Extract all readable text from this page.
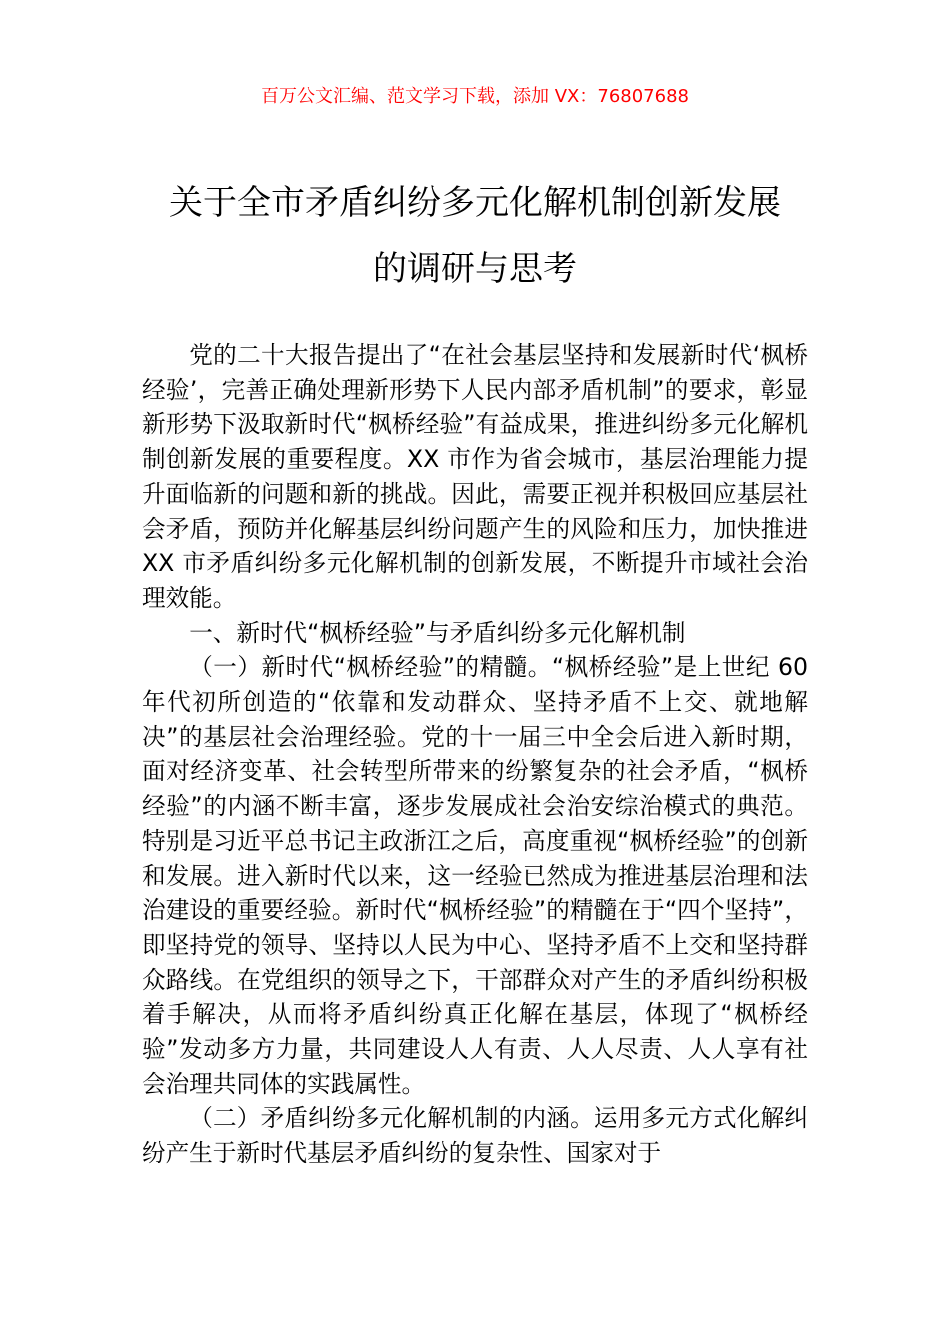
百万公文汇编、范文学习下载，添加 VX：76807688
关于全市矛盾纠纷多元化解机制创新发展
的调研与思考

党的二十大报告提出了“在社会基层坚持和发展新时代‘枫桥经验’，完善正确处理新形势下人民内部矛盾机制”的要求，彰显新形势下汲取新时代“枫桥经验”有益成果，推进纠纷多元化解机制创新发展的重要程度。XX 市作为省会城市，基层治理能力提升面临新的问题和新的挑战。因此，需要正视并积极回应基层社会矛盾，预防并化解基层纠纷问题产生的风险和压力，加快推进 XX 市矛盾纠纷多元化解机制的创新发展，不断提升市域社会治理效能。

一、新时代“枫桥经验”与矛盾纠纷多元化解机制

（一）新时代“枫桥经验”的精髓。“枫桥经验”是上世纪 60 年代初所创造的“依靠和发动群众、坚持矛盾不上交、就地解决”的基层社会治理经验。党的十一届三中全会后进入新时期，面对经济变革、社会转型所带来的纷繁复杂的社会矛盾，“枫桥经验”的内涵不断丰富，逐步发展成社会治安综治模式的典范。特别是习近平总书记主政浙江之后，高度重视“枫桥经验”的创新和发展。进入新时代以来，这一经验已然成为推进基层治理和法治建设的重要经验。新时代“枫桥经验”的精髓在于“四个坚持”，即坚持党的领导、坚持以人民为中心、坚持矛盾不上交和坚持群众路线。在党组织的领导之下，干部群众对产生的矛盾纠纷积极着手解决，从而将矛盾纠纷真正化解在基层，体现了“枫桥经验”发动多方力量，共同建设人人有责、人人尽责、人人享有社会治理共同体的实践属性。

（二）矛盾纠纷多元化解机制的内涵。运用多元方式化解纠纷产生于新时代基层矛盾纠纷的复杂性、国家对于
